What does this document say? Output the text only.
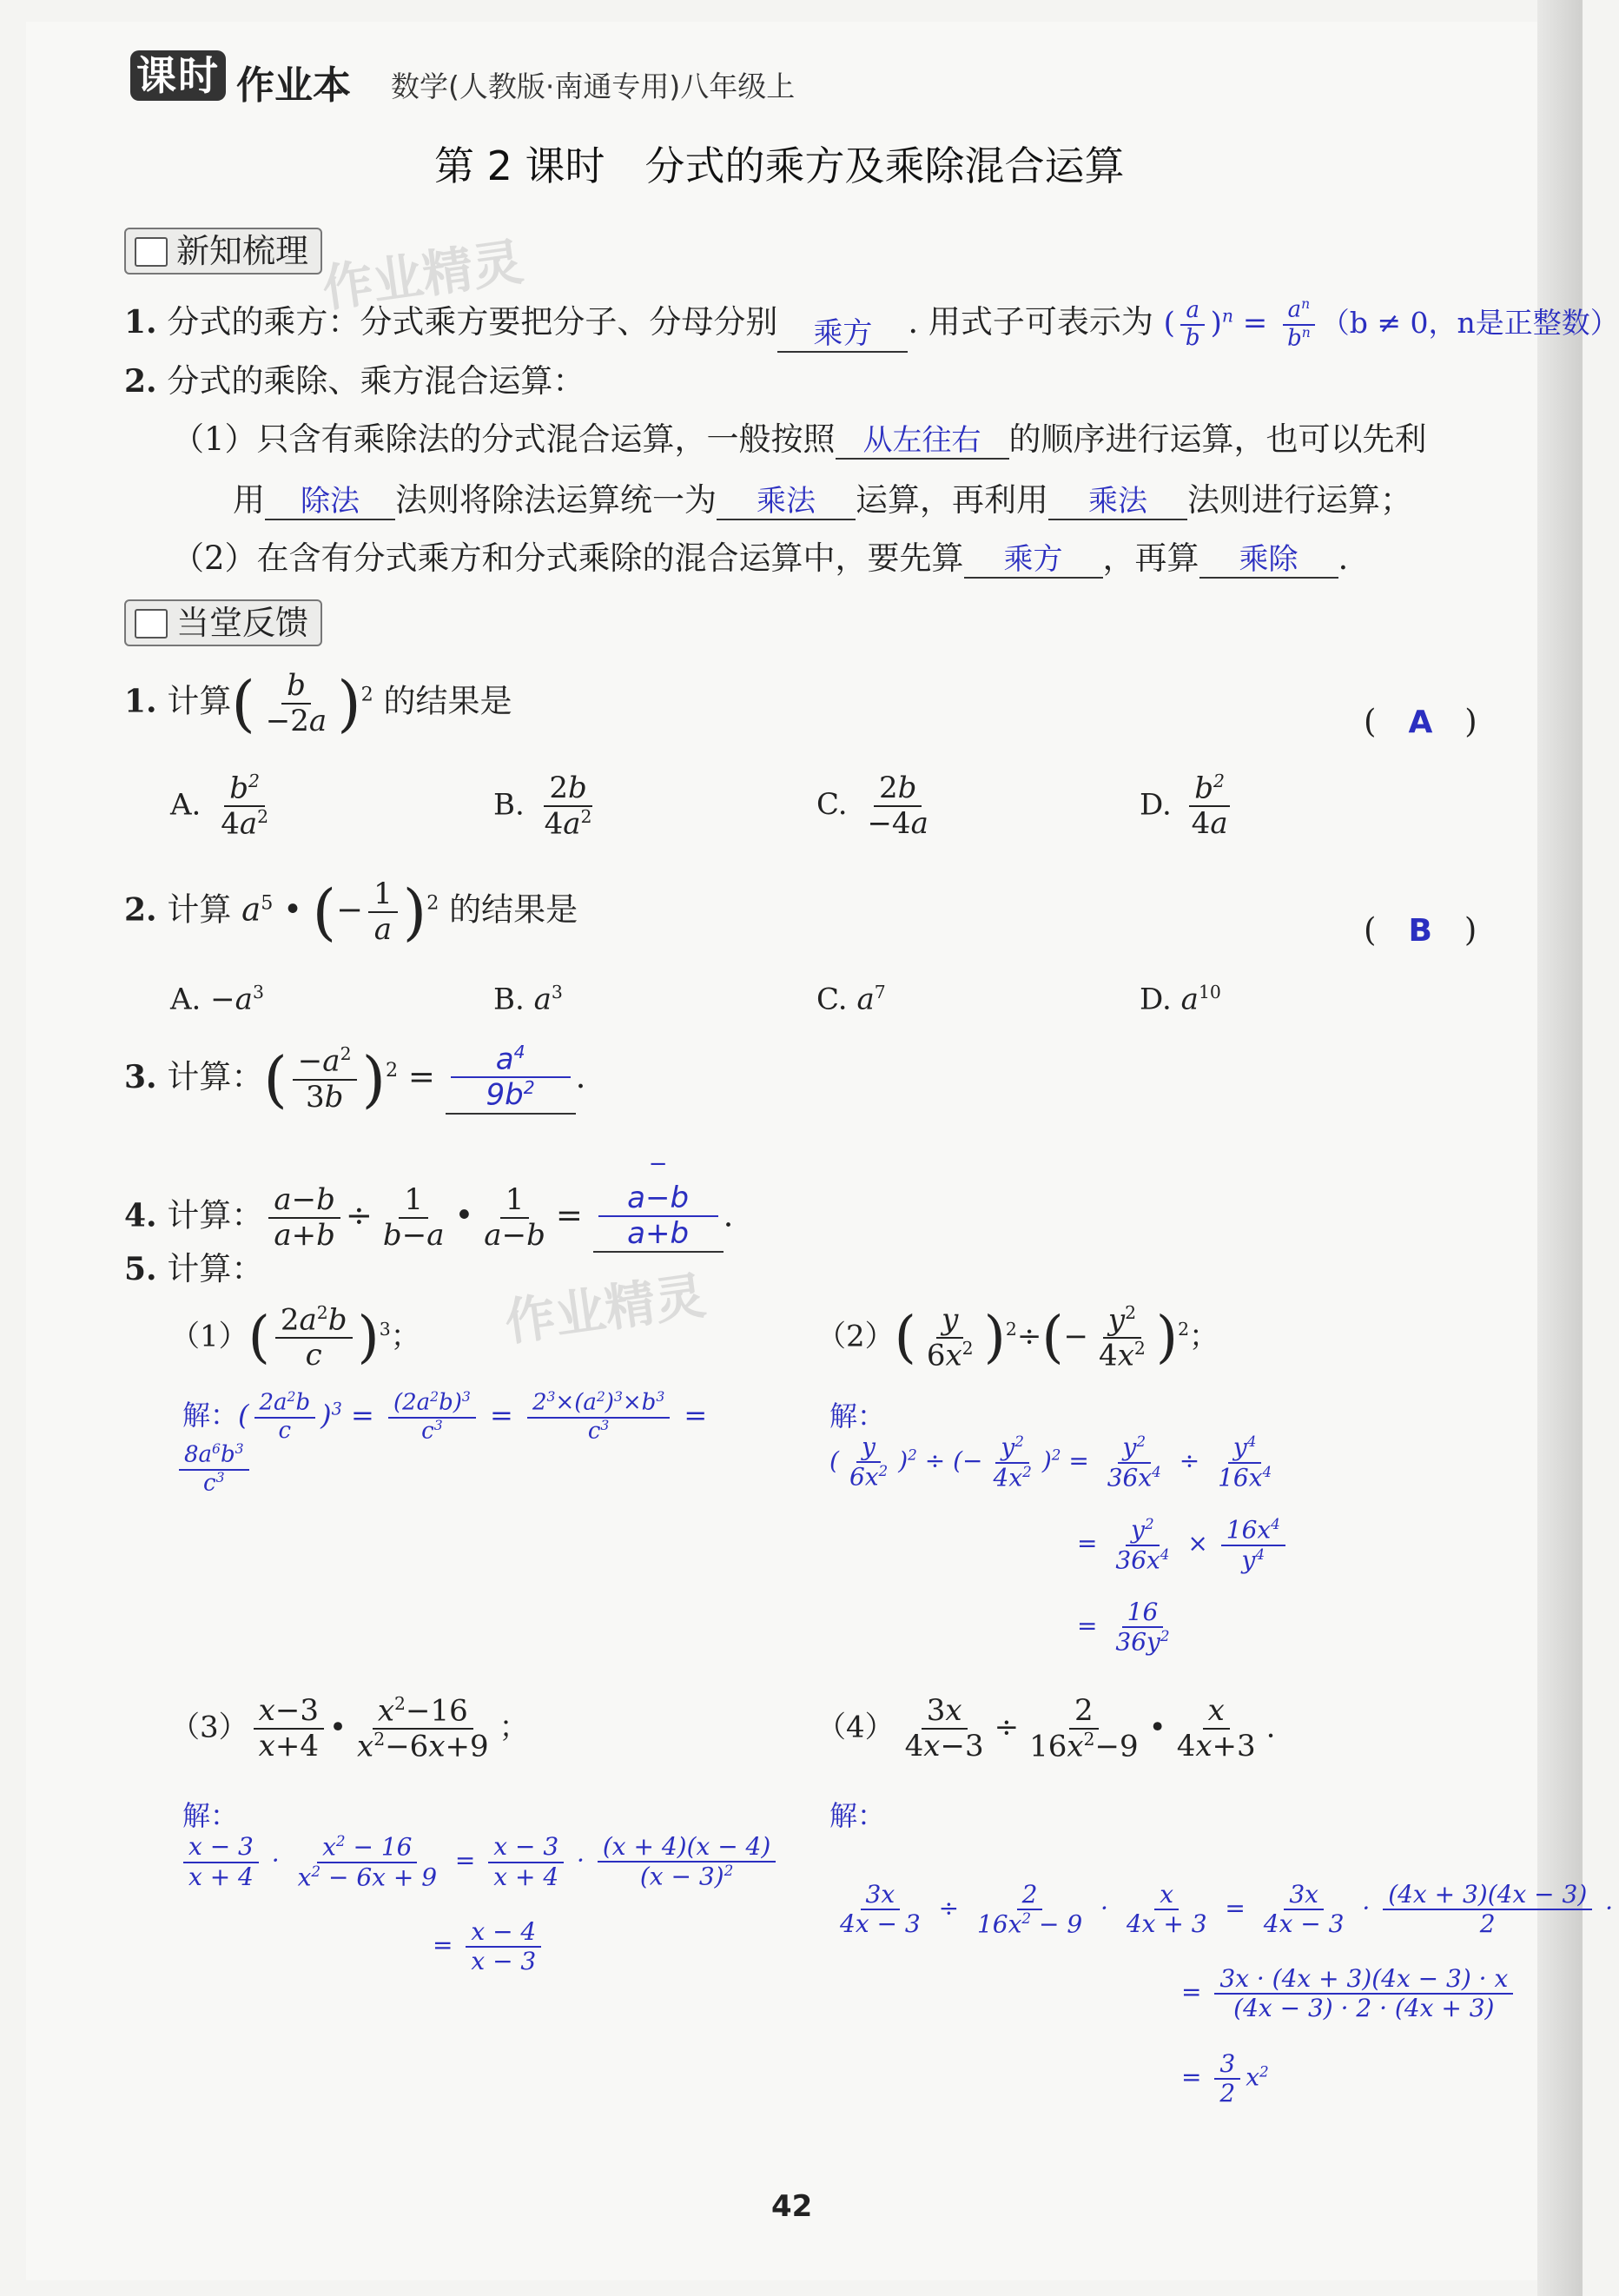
课时 作业本 数学(人教版·南通专用)八年级上
第 2 课时　分式的乘方及乘除混合运算
新知梳理 作业精灵
1. 分式的乘方：分式乘方要把分子、分母分别	乘方	. 用式子可表示为 ( $\frac{a}{b} )^n = \frac{a^n}{b^n} (b \ne 0$，n是正整数）
2. 分式的乘除、乘方混合运算：
（1）只含有乘除法的分式混合运算，一般按照 从左往右 的顺序进行运算，也可以先利
用	除法	法则将除法运算统一为	乘法	运算，再利用	乘法	法则进行运算；
（2）在含有分式乘方和分式乘除的混合运算中，要先算	乘方	，再算	乘除	.
当堂反馈
1. 计算( $\frac{b}{-2a} )^2$ 的结果是
(　A　)
A. $\frac{b^2}{4a^2}$	B. $\frac{2b}{4a^2}$	C. $\frac{2b}{-4a}$	D. $\frac{b^2}{4a}$
2. 计算 $a^5$ • (− $\frac{1}{a} )^2$ 的结果是
(　B　)
A. $-a^3$	B. $a^3$	C. $a^7$	D. $a^{10}$
3. 计算：( $\frac{-a^2}{3b} )^2$ =	$a^4$
$9b^2$	.
4. 计算： $\frac{a-b}{a+b} \div \frac{1}{b-a}$ • $\frac{1}{a-b}$ =
−
a−b
a+b	.
5. 计算：	作业精灵
$(1)( \frac{2a^2b}{c} )^3$；
解：( $\frac{2a^2b}{c} )^3 = \frac{(2a^2b)^3}{c^3} = \frac{2^3\times(a^2)^3\times b^3}{c^3}$ =
$\frac{8a^6b^3}{c^3}$
$(2)( \frac{y}{6x^2} )^2\div(- \frac{y^2}{4x^2} )^2$；
解：
( $\frac{y}{6x^2} )^2$ ÷ (− $\frac{y^2}{4x^2} )^2 = \frac{y^2}{36x^4} \div \frac{y^4}{16x^4}$
= $\frac{y^2}{36x^4} \times \frac{16x^4}{y^4}$
= $\frac{16}{36y^2}$
$(3) \frac{x-3}{x+4}$ • $\frac{x^2-16}{x^2-6x+9}$ ；
解：
$\frac{x - 3}{x + 4} \cdot \frac{x^2 - 16}{x^2 - 6x + 9} = \frac{x - 3}{x + 4} \cdot \frac{(x + 4)(x - 4)}{(x - 3)^2}$
= $\frac{x - 4}{x - 3}$
$(4) \frac{3x}{4x-3} \div \frac{2}{16x^2-9}$ • $\frac{x}{4x+3}$ .
解：
$\frac{3x}{4x - 3} \div \frac{2}{16x^2 - 9} \cdot \frac{x}{4x + 3} = \frac{3x}{4x - 3} \cdot \frac{(4x + 3)(4x - 3)}{2}$ ·
= $\frac{3x \cdot (4x + 3)(4x - 3) \cdot x}{(4x - 3) \cdot 2 \cdot (4x + 3)}$
= $\frac{3}{2} x^2$
42
